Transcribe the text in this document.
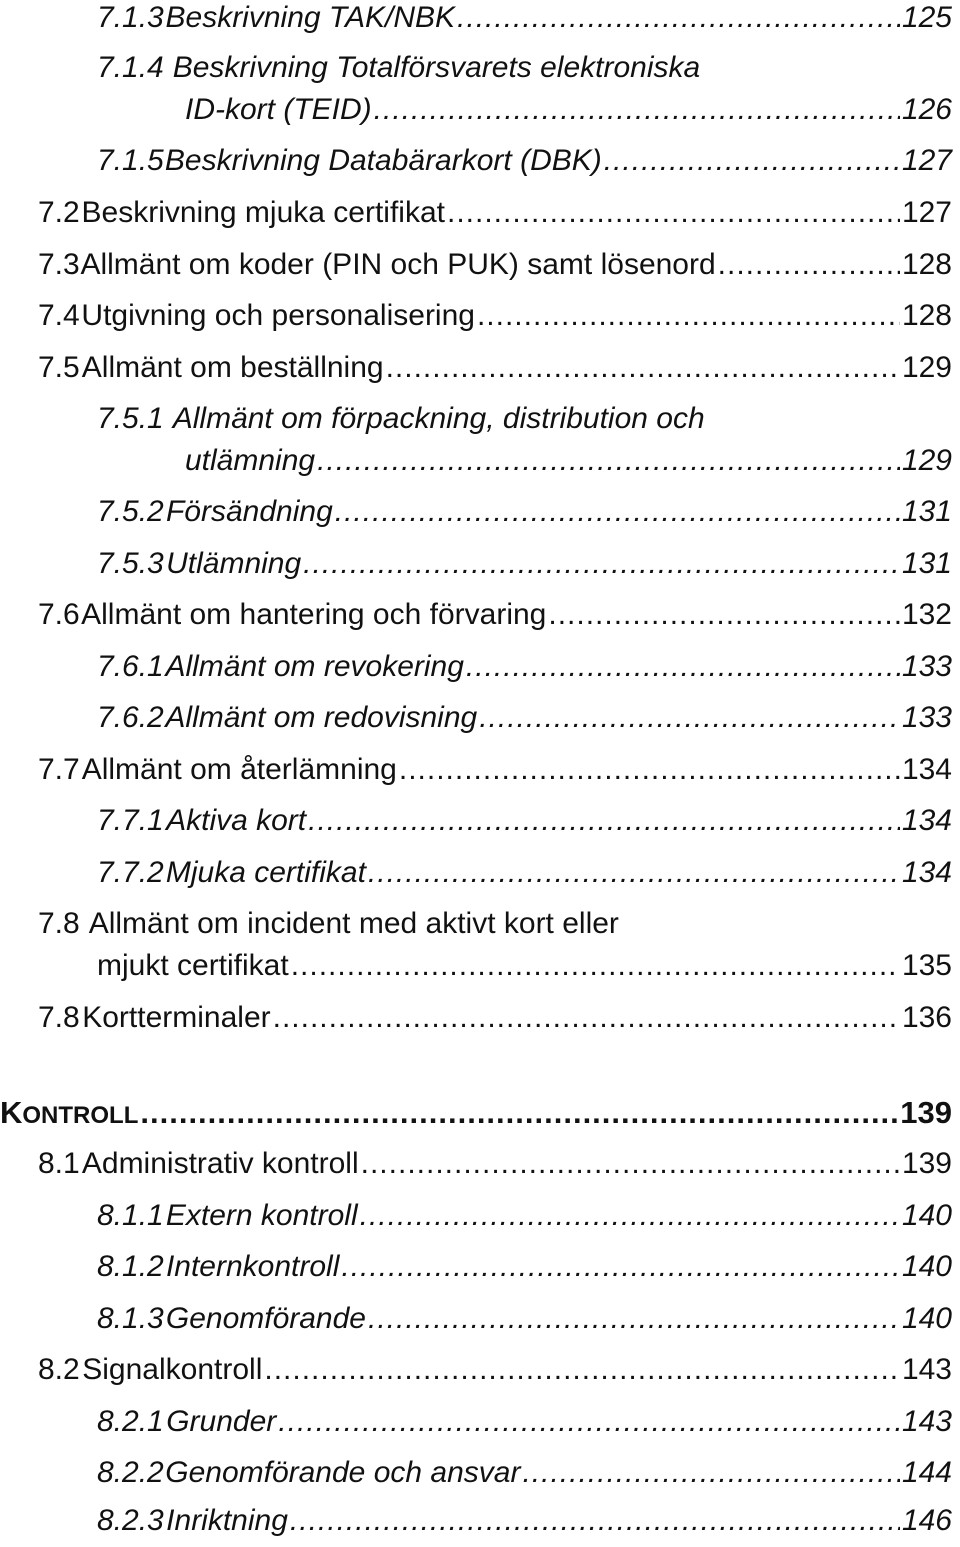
7.1.3 Beskrivning TAK/NBK .....	125
7.1.4 Beskrivning Totalförsvarets elektroniska
ID-kort (TEID) .....	126
7.1.5 Beskrivning Databärarkort (DBK) .....	127
7.2 Beskrivning mjuka certifikat .....	127
7.3 Allmänt om koder (PIN och PUK) samt lösenord .....	128
7.4 Utgivning och personalisering .....	128
7.5 Allmänt om beställning .....	129
7.5.1 Allmänt om förpackning, distribution och
utlämning .....	129
7.5.2 Försändning .....	131
7.5.3 Utlämning .....	131
7.6 Allmänt om hantering och förvaring .....	132
7.6.1 Allmänt om revokering .....	133
7.6.2 Allmänt om redovisning .....	133
7.7 Allmänt om återlämning .....	134
7.7.1 Aktiva kort .....	134
7.7.2 Mjuka certifikat .....	134
7.8 Allmänt om incident med aktivt kort eller
mjukt certifikat .....	135
7.8 Kortterminaler .....	136
KONTROLL .....	139
8.1 Administrativ kontroll .....	139
8.1.1 Extern kontroll .....	140
8.1.2 Internkontroll .....	140
8.1.3 Genomförande .....	140
8.2 Signalkontroll .....	143
8.2.1 Grunder .....	143
8.2.2 Genomförande och ansvar .....	144
8.2.3 Inriktning .....	146
